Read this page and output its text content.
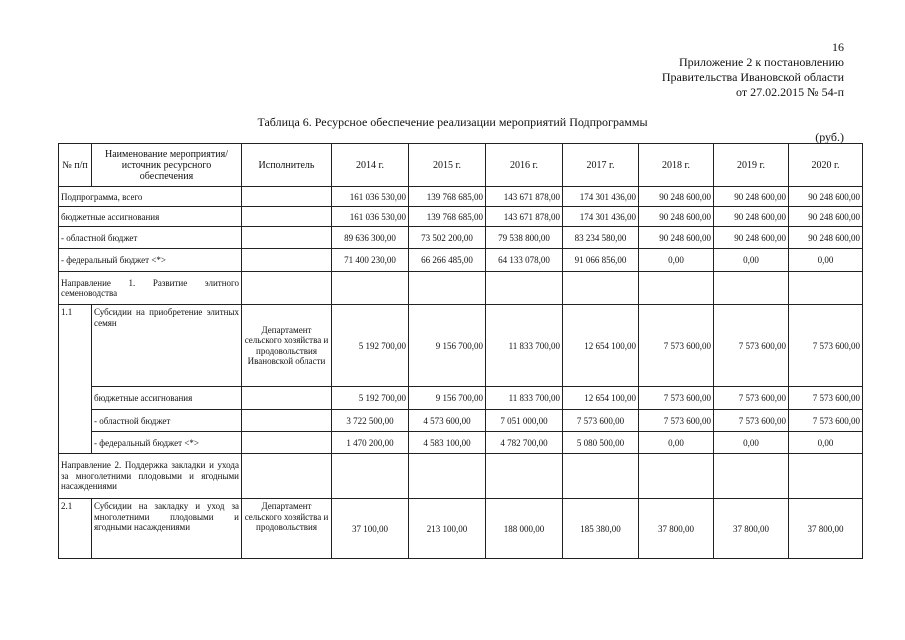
16
Приложение 2 к постановлению
Правительства Ивановской области
от 27.02.2015 № 54-п
Таблица 6. Ресурсное обеспечение реализации мероприятий Подпрограммы
(руб.)
№ п/п	Наименование мероприятия/ источник ресурсного обеспечения	Исполнитель	2014 г.	2015 г.	2016 г.	2017 г.	2018 г.	2019 г.	2020 г.
Подпрограмма, всего			161 036 530,00	139 768 685,00	143 671 878,00	174 301 436,00	90 248 600,00	90 248 600,00	90 248 600,00
бюджетные ассигнования			161 036 530,00	139 768 685,00	143 671 878,00	174 301 436,00	90 248 600,00	90 248 600,00	90 248 600,00
- областной бюджет			89 636 300,00	73 502 200,00	79 538 800,00	83 234 580,00	90 248 600,00	90 248 600,00	90 248 600,00
- федеральный бюджет <*>			71 400 230,00	66 266 485,00	64 133 078,00	91 066 856,00	0,00	0,00	0,00
Направление 1. Развитие элитного семеноводства									
1.1	Субсидии на приобретение элитных семян	Департамент сельского хозяйства и продовольствия Ивановской области	5 192 700,00	9 156 700,00	11 833 700,00	12 654 100,00	7 573 600,00	7 573 600,00	7 573 600,00
	бюджетные ассигнования		5 192 700,00	9 156 700,00	11 833 700,00	12 654 100,00	7 573 600,00	7 573 600,00	7 573 600,00
	- областной бюджет		3 722 500,00	4 573 600,00	7 051 000,00	7 573 600,00	7 573 600,00	7 573 600,00	7 573 600,00
	- федеральный бюджет <*>		1 470 200,00	4 583 100,00	4 782 700,00	5 080 500,00	0,00	0,00	0,00
Направление 2. Поддержка закладки и ухода за многолетними плодовыми и ягодными насаждениями									
2.1	Субсидии на закладку и уход за многолетними плодовыми и ягодными насаждениями	Департамент сельского хозяйства и продовольствия	37 100,00	213 100,00	188 000,00	185 380,00	37 800,00	37 800,00	37 800,00
